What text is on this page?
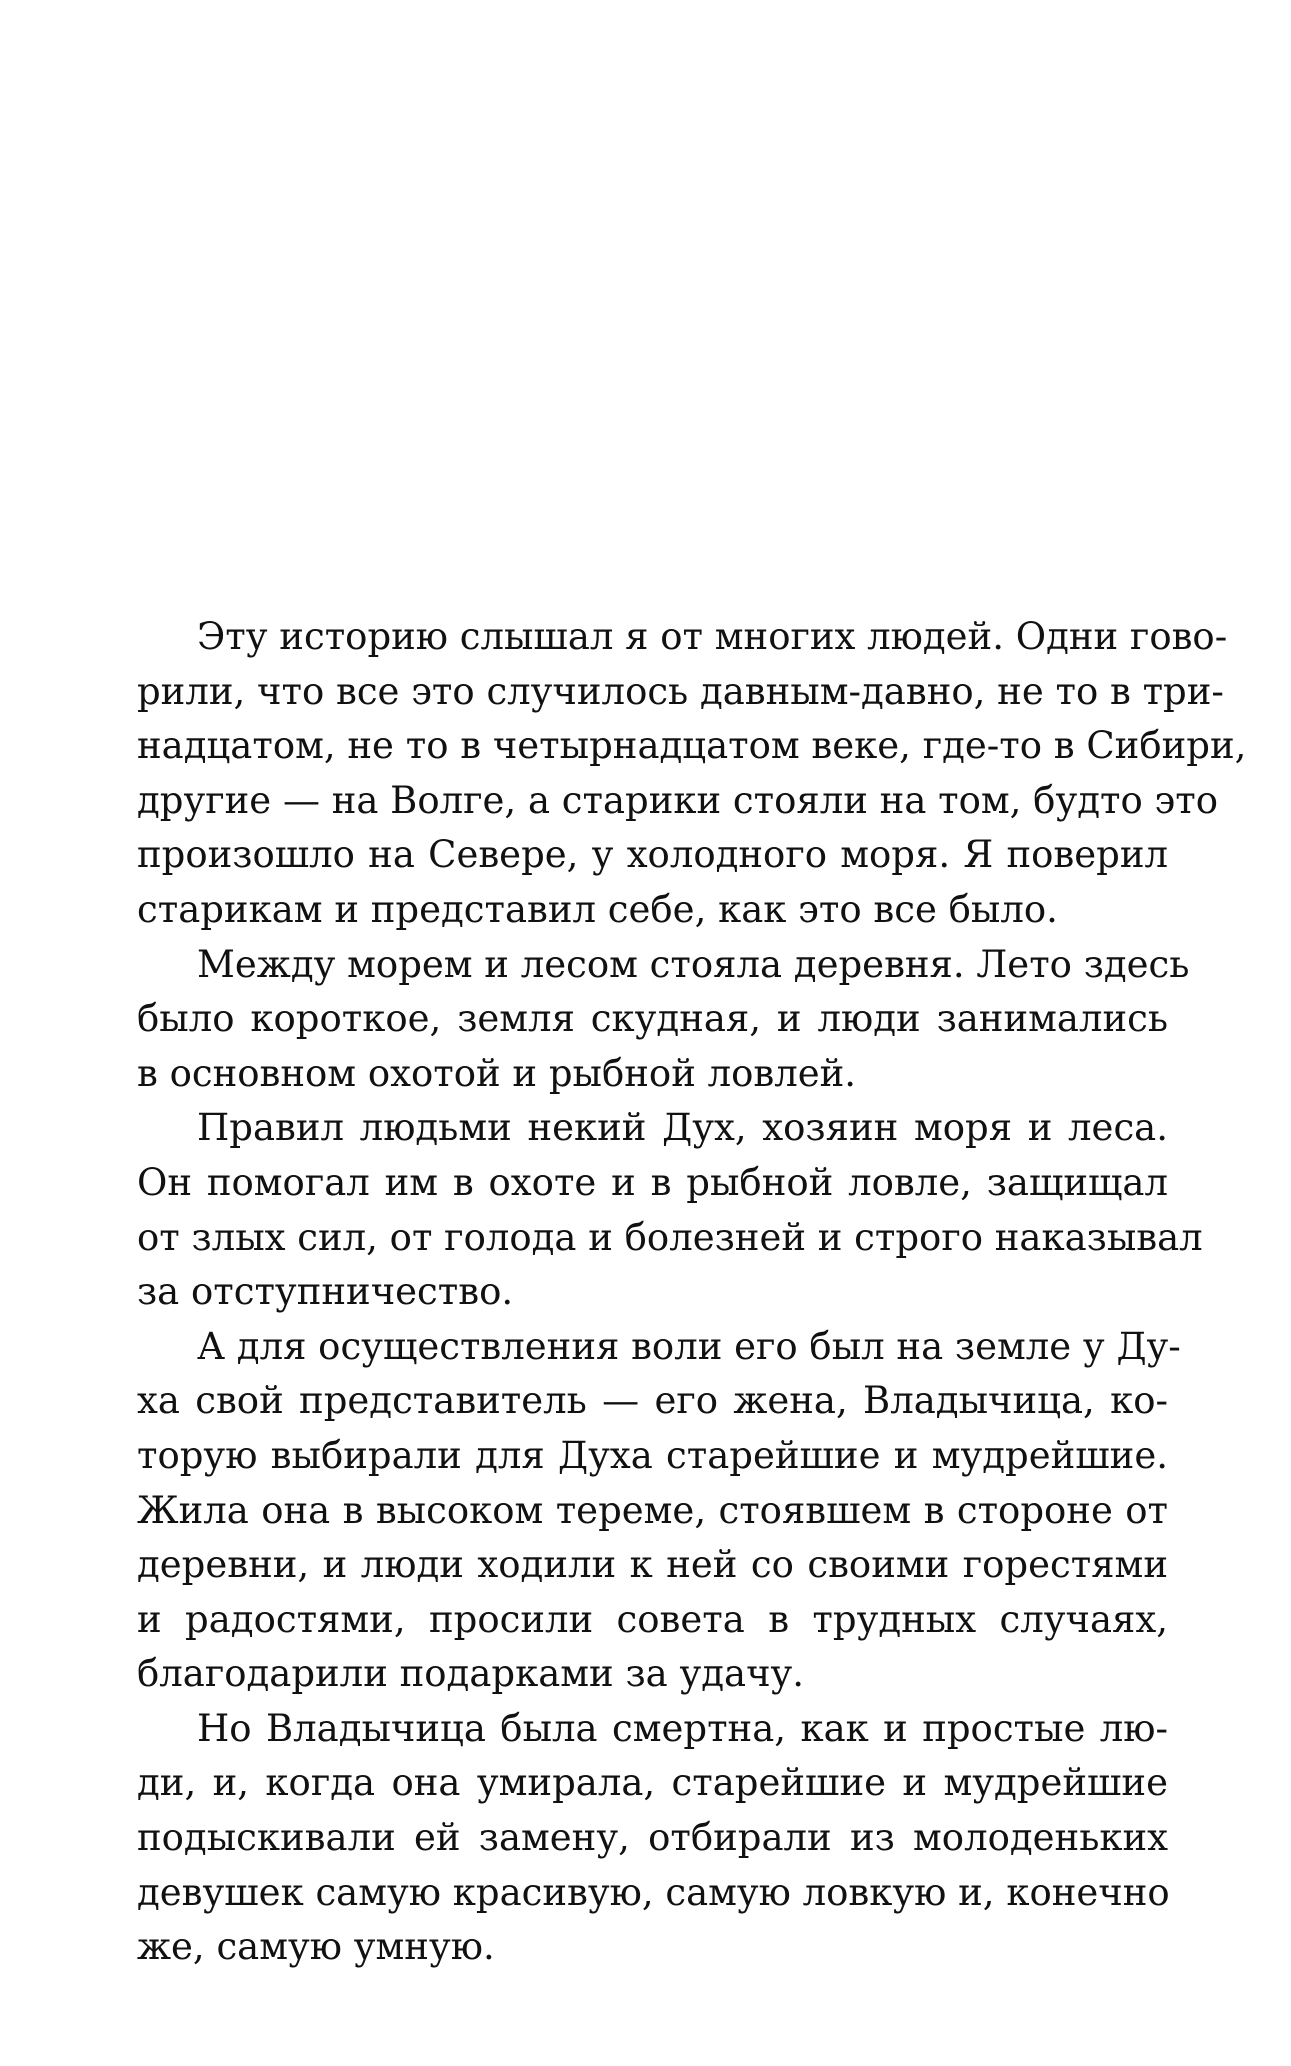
Эту историю слышал я от многих людей. Одни гово-
рили, что все это случилось давным-давно, не то в три-
надцатом, не то в четырнадцатом веке, где-то в Сибири,
другие — на Волге, а старики стояли на том, будто это
произошло на Севере, у холодного моря. Я поверил
старикам и представил себе, как это все было.

Между морем и лесом стояла деревня. Лето здесь
было короткое, земля скудная, и люди занимались
в основном охотой и рыбной ловлей.

Правил людьми некий Дух, хозяин моря и леса.
Он помогал им в охоте и в рыбной ловле, защищал
от злых сил, от голода и болезней и строго наказывал
за отступничество.

А для осуществления воли его был на земле у Ду-
ха свой представитель — его жена, Владычица, ко-
торую выбирали для Духа старейшие и мудрейшие.
Жила она в высоком тереме, стоявшем в стороне от
деревни, и люди ходили к ней со своими горестями
и радостями, просили совета в трудных случаях,
благодарили подарками за удачу.

Но Владычица была смертна, как и простые лю-
ди, и, когда она умирала, старейшие и мудрейшие
подыскивали ей замену, отбирали из молоденьких
девушек самую красивую, самую ловкую и, конечно
же, самую умную.
